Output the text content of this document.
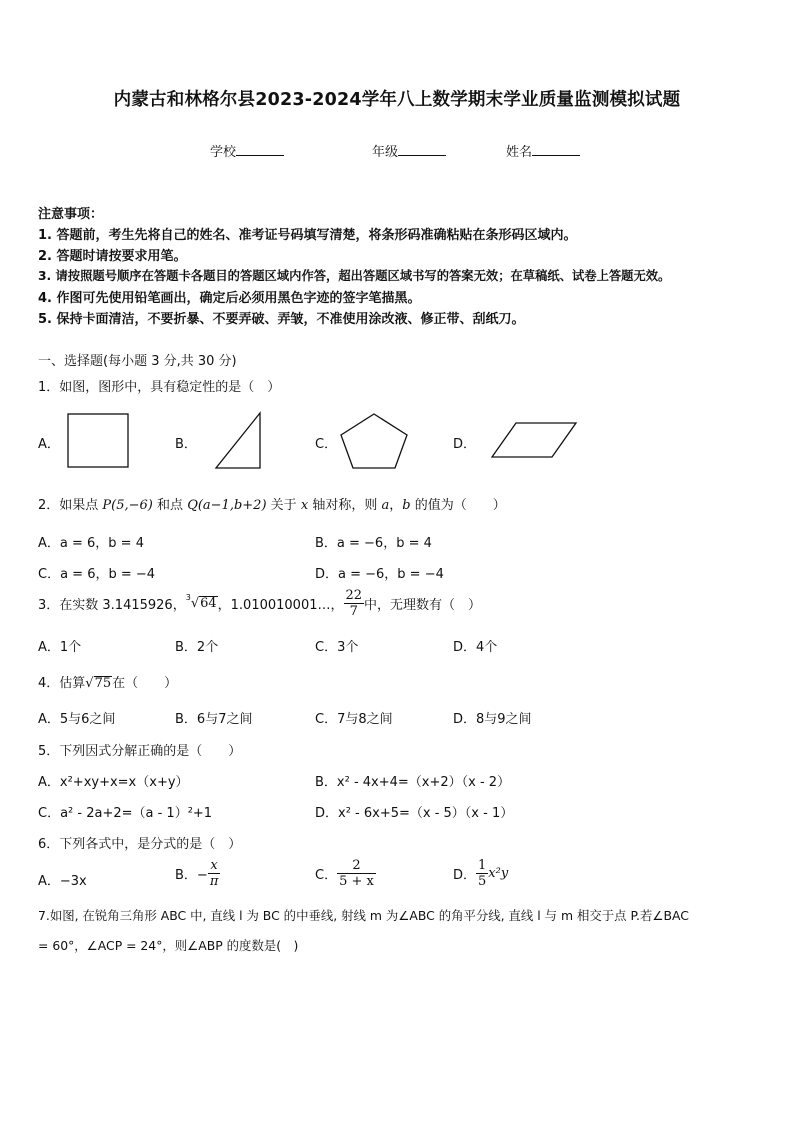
内蒙古和林格尔县2023-2024学年八上数学期末学业质量监测模拟试题
学校	年级	姓名
注意事项：
1. 答题前，考生先将自己的姓名、准考证号码填写清楚，将条形码准确粘贴在条形码区域内。
2. 答题时请按要求用笔。
3. 请按照题号顺序在答题卡各题目的答题区域内作答，超出答题区域书写的答案无效；在草稿纸、试卷上答题无效。
4. 作图可先使用铅笔画出，确定后必须用黑色字迹的签字笔描黑。
5. 保持卡面清洁，不要折暴、不要弄破、弄皱，不准使用涂改液、修正带、刮纸刀。
一、选择题(每小题 3 分,共 30 分)
1．如图，图形中，具有稳定性的是（　）
A．	B．	C．	D．
2．如果点 P(5,−6) 和点 Q(a−1,b+2) 关于 x 轴对称，则 a，b 的值为（　　）
A．a = 6，b = 4	B．a = −6，b = 4
C．a = 6，b = −4	D．a = −6，b = −4
3．在实数 3.1415926，$^3$√64，1.010010001…， $\frac{22}{7}$ 中，无理数有（　）
A．1个	B．2个	C．3个	D．4个
4．估算√75在（　　）
A．5与6之间	B．6与7之间	C．7与8之间	D．8与9之间
5．下列因式分解正确的是（　　）
A．x²+xy+x=x（x+y）	B．x² - 4x+4=（x+2）（x - 2）
C．a² - 2a+2=（a - 1）²+1	D．x² - 6x+5=（x - 5）（x - 1）
6．下列各式中，是分式的是（　）
A．−3x	B．− $\frac{x}{\pi}$	C． $\frac{2}{5 + x}$	D． $\frac{1}{5} x^2y$
7.如图, 在锐角三角形 ABC 中, 直线 l 为 BC 的中垂线, 射线 m 为∠ABC 的角平分线, 直线 l 与 m 相交于点 P.若∠BAC
= 60°，∠ACP = 24°，则∠ABP 的度数是(　)
